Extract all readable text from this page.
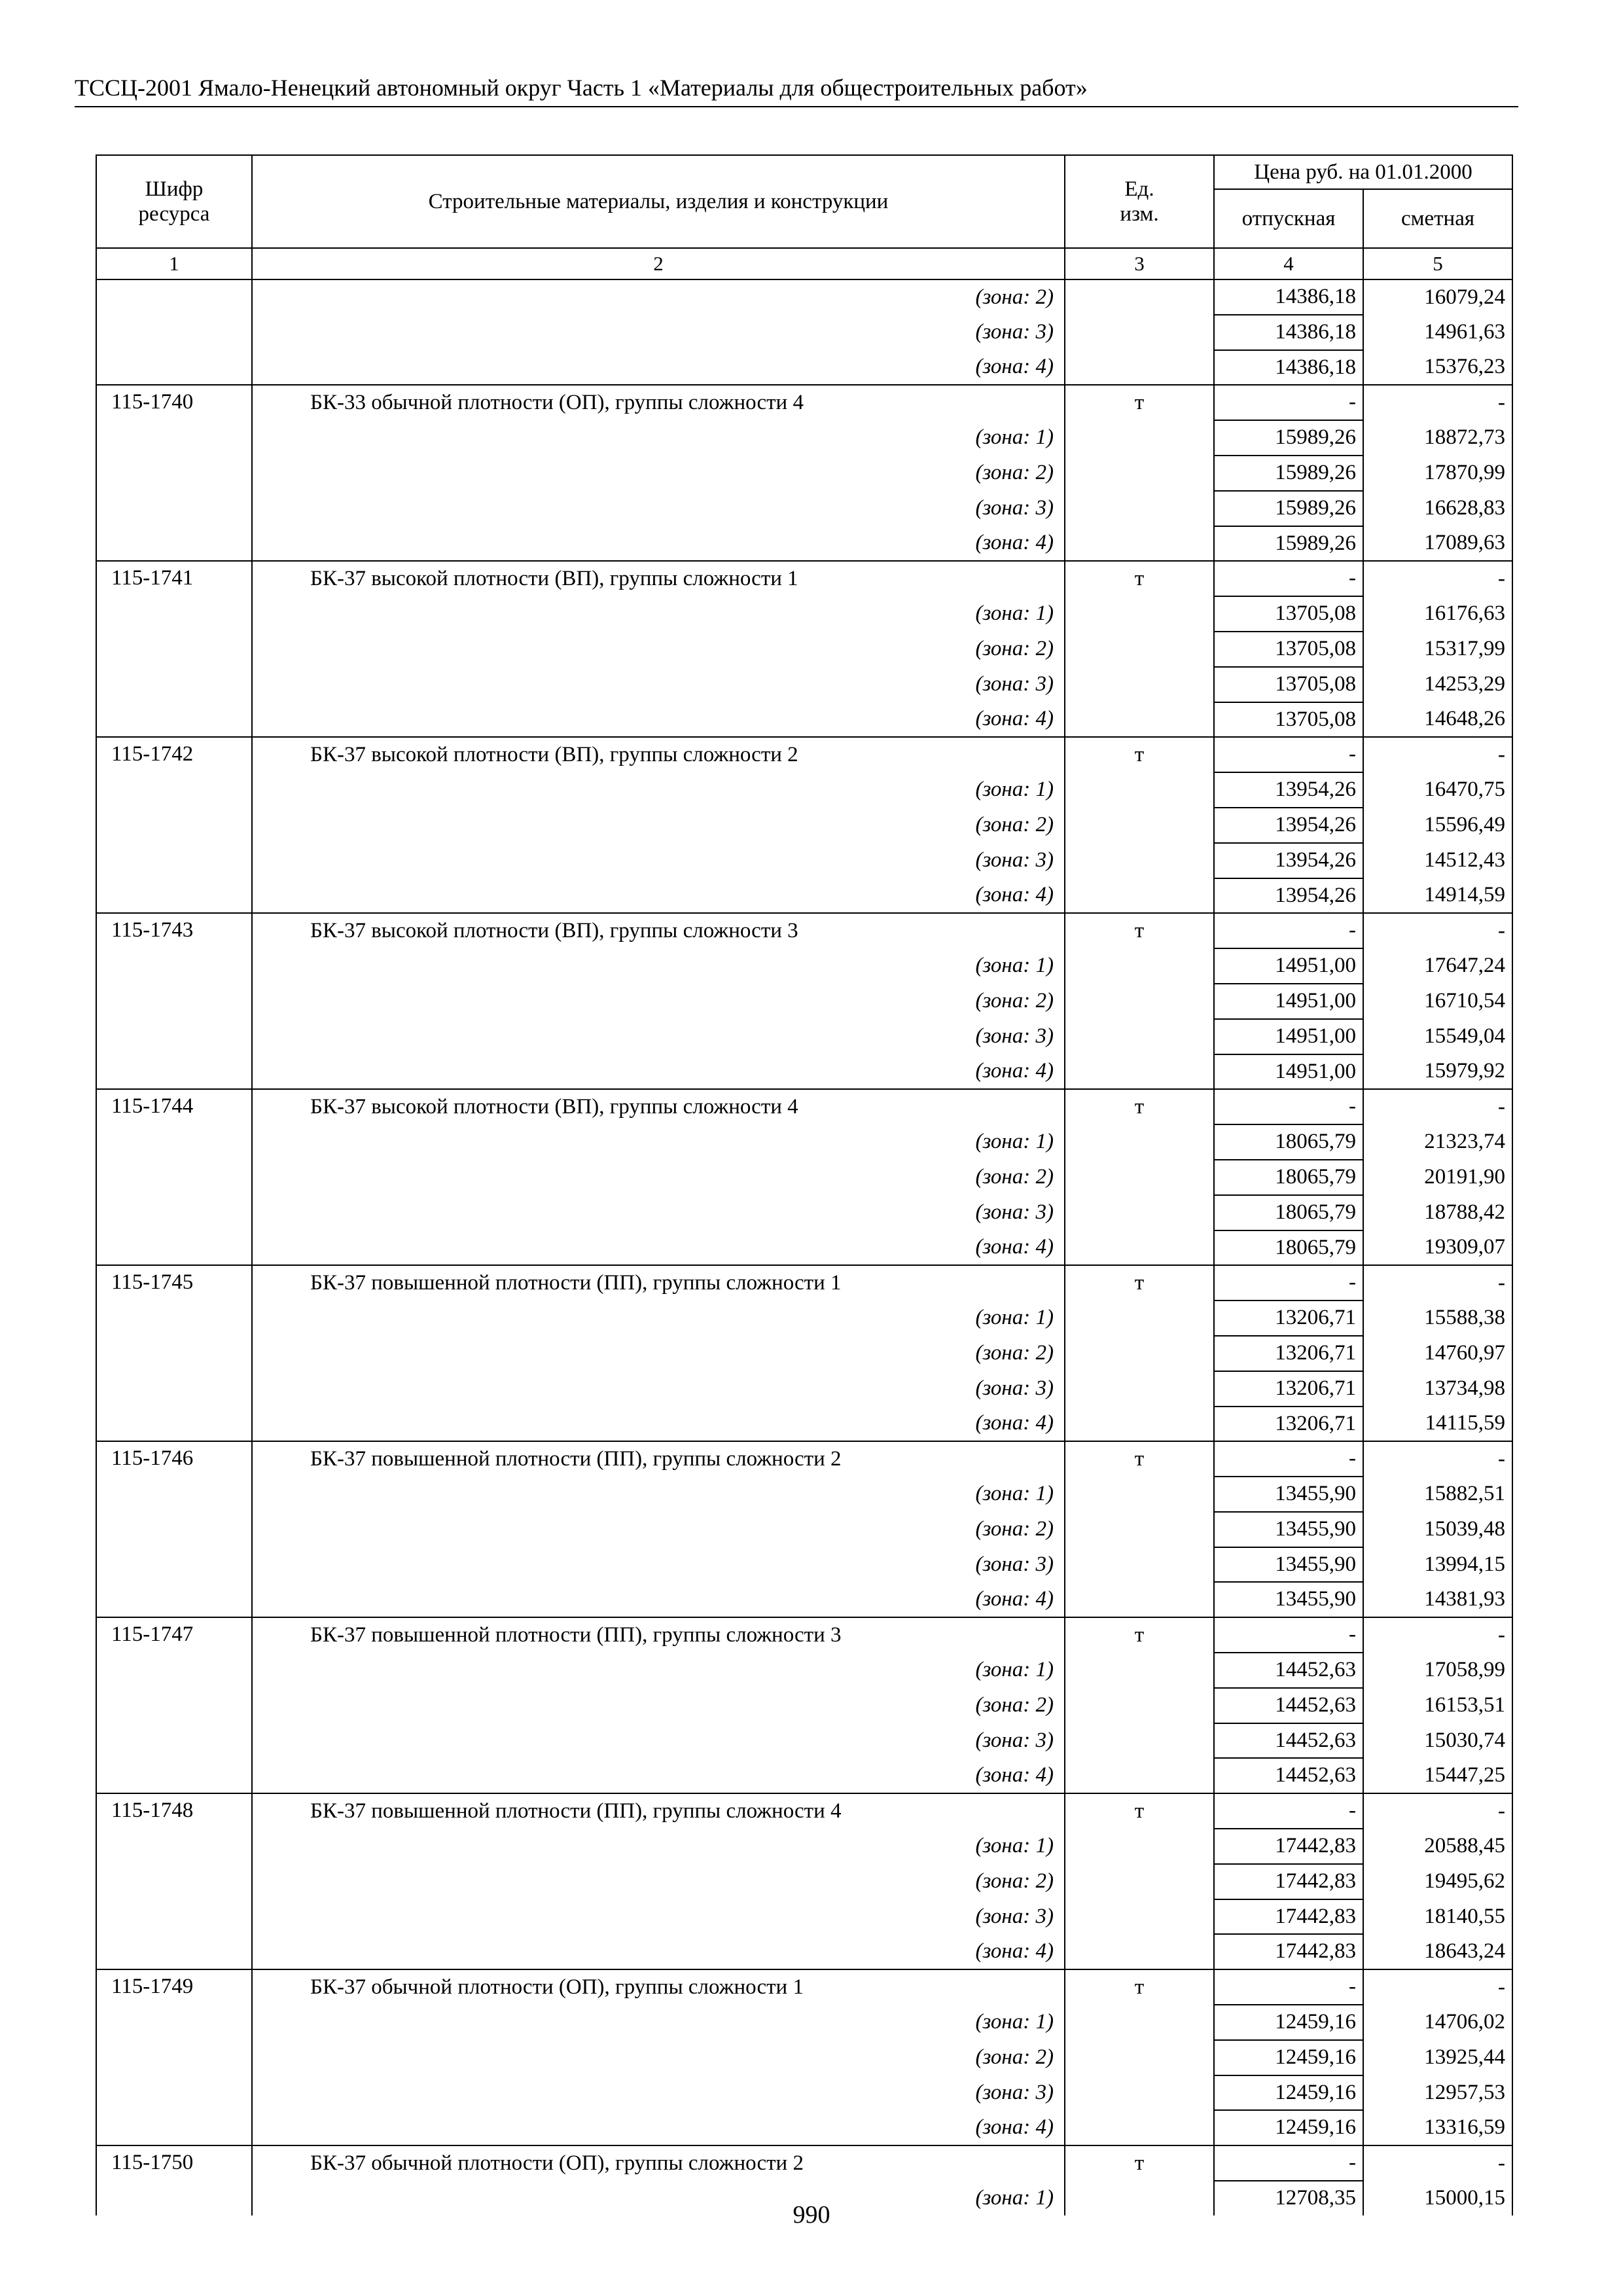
ТССЦ-2001 Ямало-Ненецкий автономный округ Часть 1 «Материалы для общестроительных работ»
Шифр
ресурса	Строительные материалы, изделия и конструкции	Ед.
изм.	Цена руб. на 01.01.2000	
			отпускная	сметная
1	2	3	4	5
	(зона: 2)		14386,18	16079,24
	(зона: 3)		14386,18	14961,63
	(зона: 4)		14386,18	15376,23
115-1740	БК-33 обычной плотности (ОП), группы сложности 4	т	-	-
	(зона: 1)		15989,26	18872,73
	(зона: 2)		15989,26	17870,99
	(зона: 3)		15989,26	16628,83
	(зона: 4)		15989,26	17089,63
115-1741	БК-37 высокой плотности (ВП), группы сложности 1	т	-	-
	(зона: 1)		13705,08	16176,63
	(зона: 2)		13705,08	15317,99
	(зона: 3)		13705,08	14253,29
	(зона: 4)		13705,08	14648,26
115-1742	БК-37 высокой плотности (ВП), группы сложности 2	т	-	-
	(зона: 1)		13954,26	16470,75
	(зона: 2)		13954,26	15596,49
	(зона: 3)		13954,26	14512,43
	(зона: 4)		13954,26	14914,59
115-1743	БК-37 высокой плотности (ВП), группы сложности 3	т	-	-
	(зона: 1)		14951,00	17647,24
	(зона: 2)		14951,00	16710,54
	(зона: 3)		14951,00	15549,04
	(зона: 4)		14951,00	15979,92
115-1744	БК-37 высокой плотности (ВП), группы сложности 4	т	-	-
	(зона: 1)		18065,79	21323,74
	(зона: 2)		18065,79	20191,90
	(зона: 3)		18065,79	18788,42
	(зона: 4)		18065,79	19309,07
115-1745	БК-37 повышенной плотности (ПП), группы сложности 1	т	-	-
	(зона: 1)		13206,71	15588,38
	(зона: 2)		13206,71	14760,97
	(зона: 3)		13206,71	13734,98
	(зона: 4)		13206,71	14115,59
115-1746	БК-37 повышенной плотности (ПП), группы сложности 2	т	-	-
	(зона: 1)		13455,90	15882,51
	(зона: 2)		13455,90	15039,48
	(зона: 3)		13455,90	13994,15
	(зона: 4)		13455,90	14381,93
115-1747	БК-37 повышенной плотности (ПП), группы сложности 3	т	-	-
	(зона: 1)		14452,63	17058,99
	(зона: 2)		14452,63	16153,51
	(зона: 3)		14452,63	15030,74
	(зона: 4)		14452,63	15447,25
115-1748	БК-37 повышенной плотности (ПП), группы сложности 4	т	-	-
	(зона: 1)		17442,83	20588,45
	(зона: 2)		17442,83	19495,62
	(зона: 3)		17442,83	18140,55
	(зона: 4)		17442,83	18643,24
115-1749	БК-37 обычной плотности (ОП), группы сложности 1	т	-	-
	(зона: 1)		12459,16	14706,02
	(зона: 2)		12459,16	13925,44
	(зона: 3)		12459,16	12957,53
	(зона: 4)		12459,16	13316,59
115-1750	БК-37 обычной плотности (ОП), группы сложности 2	т	-	-
	(зона: 1)		12708,35	15000,15
990
